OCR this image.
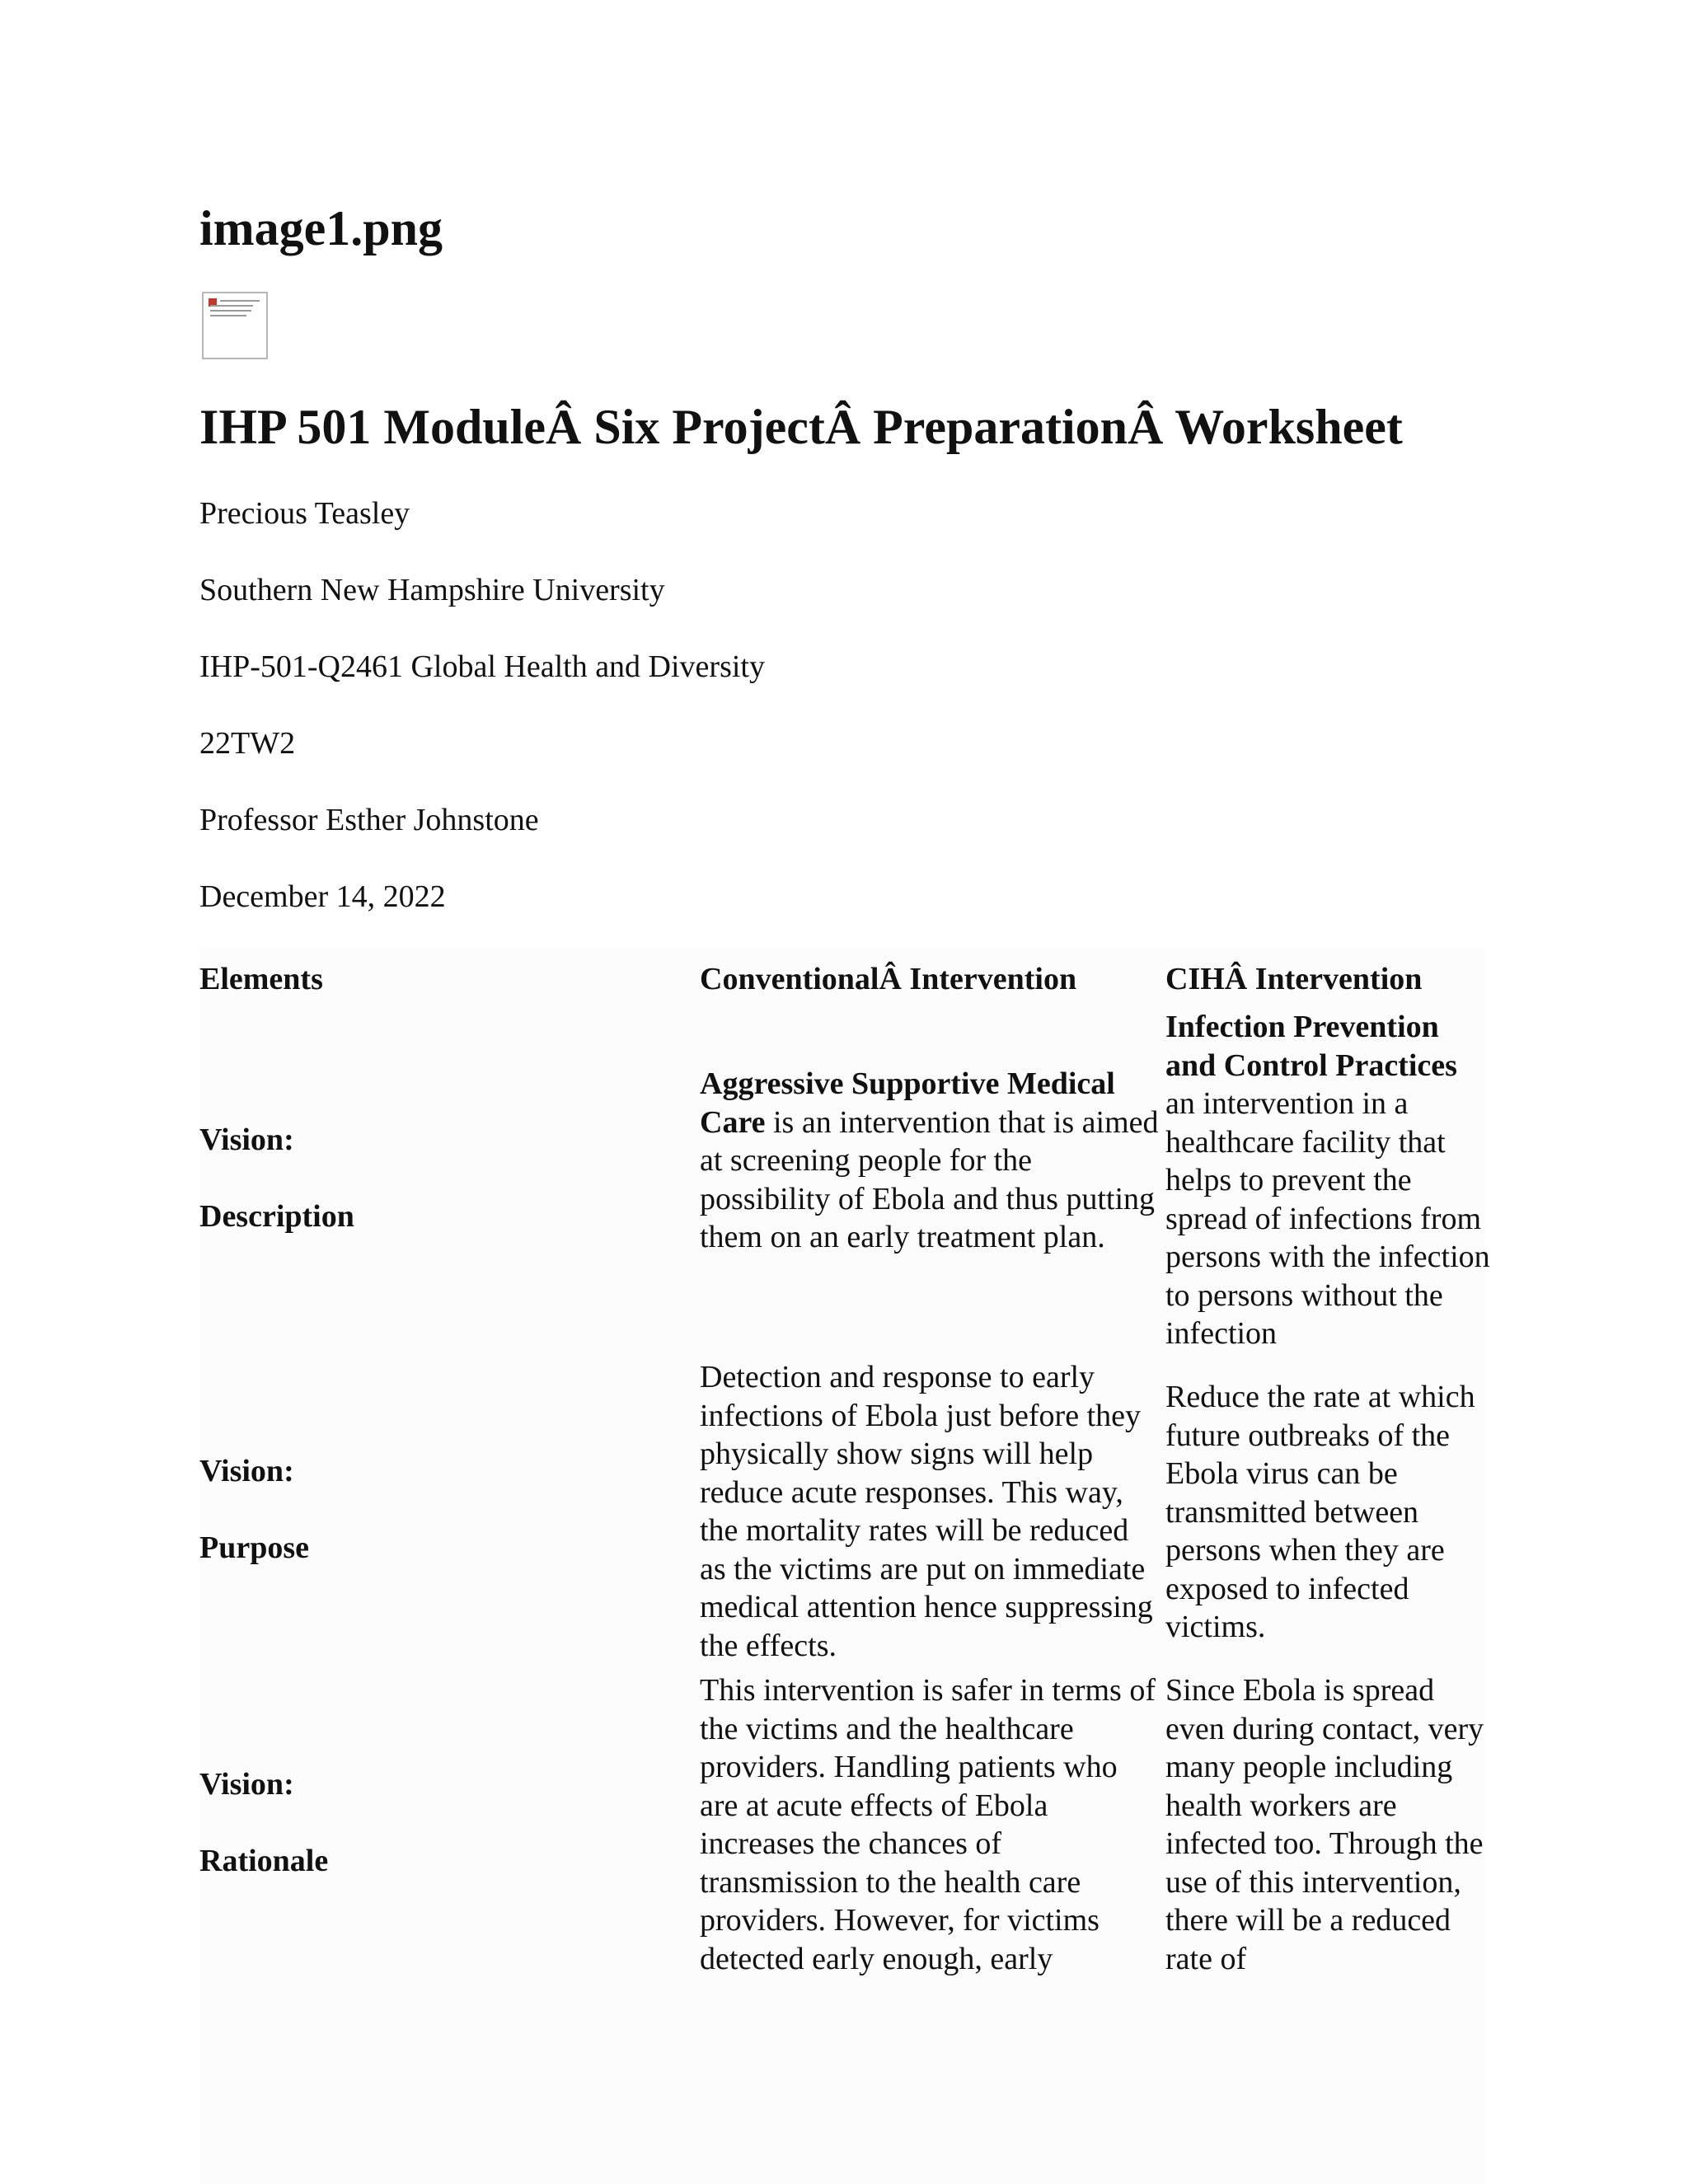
image1.png
IHP 501 ModuleÂ Six ProjectÂ PreparationÂ Worksheet

Precious Teasley

Southern New Hampshire University

IHP-501-Q2461 Global Health and Diversity

22TW2

Professor Esther Johnstone

December 14, 2022

Elements	ConventionalÂ Intervention	CIHÂ Intervention
Vision:
Description
Aggressive Supportive Medical Care is an intervention that is aimed at screening people for the possibility of Ebola and thus putting them on an early treatment plan.
Infection Prevention and Control Practices an intervention in a healthcare facility that helps to prevent the spread of infections from persons with the infection to persons without the infection
Vision:
Purpose
Detection and response to early infections of Ebola just before they physically show signs will help reduce acute responses. This way, the mortality rates will be reduced as the victims are put on immediate medical attention hence suppressing the effects.
Reduce the rate at which future outbreaks of the Ebola virus can be transmitted between persons when they are exposed to infected victims.
Vision:
Rationale
This intervention is safer in terms of the victims and the healthcare providers. Handling patients who are at acute effects of Ebola increases the chances of transmission to the health care providers. However, for victims detected early enough, early
Since Ebola is spread even during contact, very many people including health workers are infected too. Through the use of this intervention, there will be a reduced rate of
